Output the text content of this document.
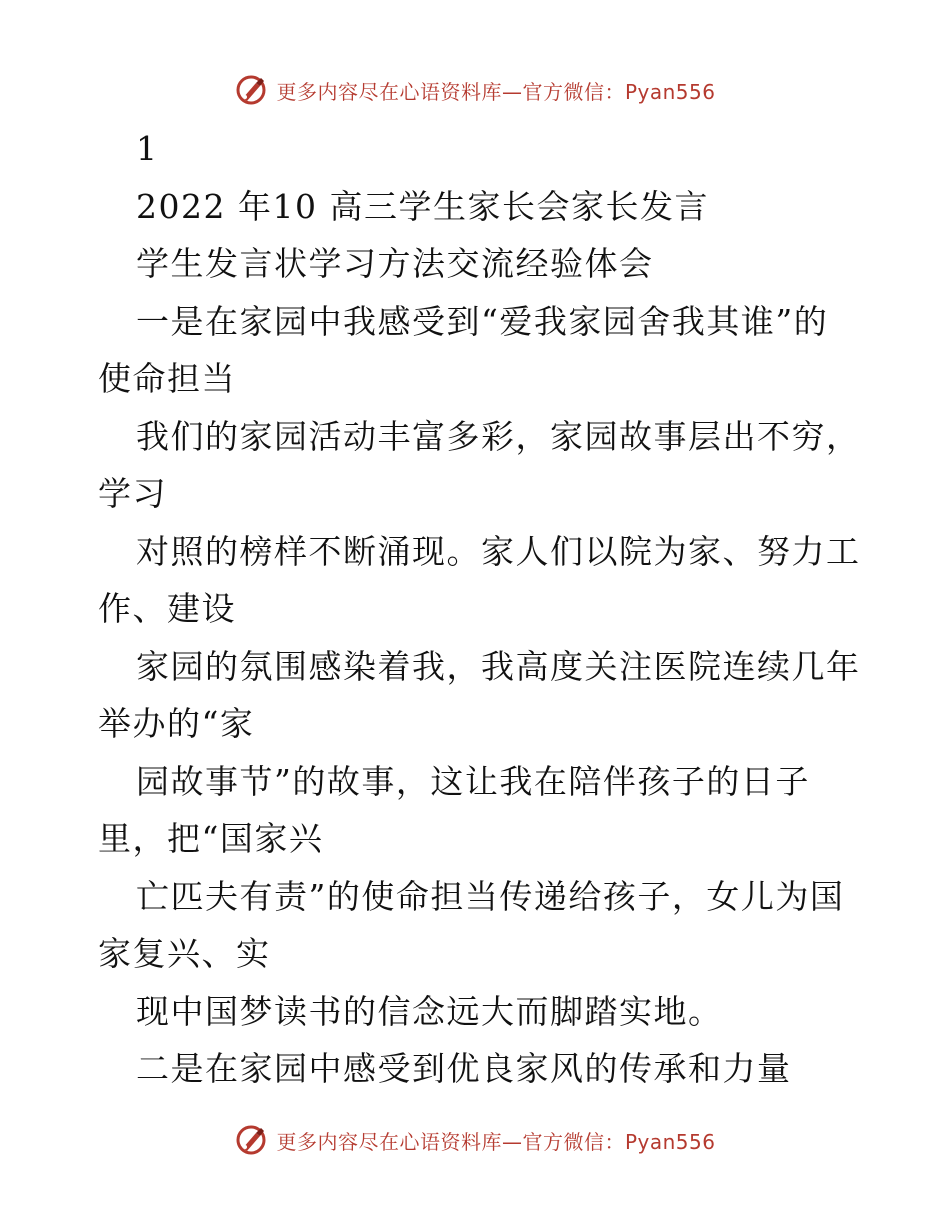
更多内容尽在心语资料库—官方微信：Pyan556
1
2022 年10 高三学生家长会家长发言
学生发言状学习方法交流经验体会
一是在家园中我感受到“爱我家园舍我其谁”的
使命担当
我们的家园活动丰富多彩，家园故事层出不穷，
学习
对照的榜样不断涌现。家人们以院为家、努力工
作、建设
家园的氛围感染着我，我高度关注医院连续几年
举办的“家
园故事节”的故事，这让我在陪伴孩子的日子
里，把“国家兴
亡匹夫有责”的使命担当传递给孩子，女儿为国
家复兴、实
现中国梦读书的信念远大而脚踏实地。
二是在家园中感受到优良家风的传承和力量
更多内容尽在心语资料库—官方微信：Pyan556
